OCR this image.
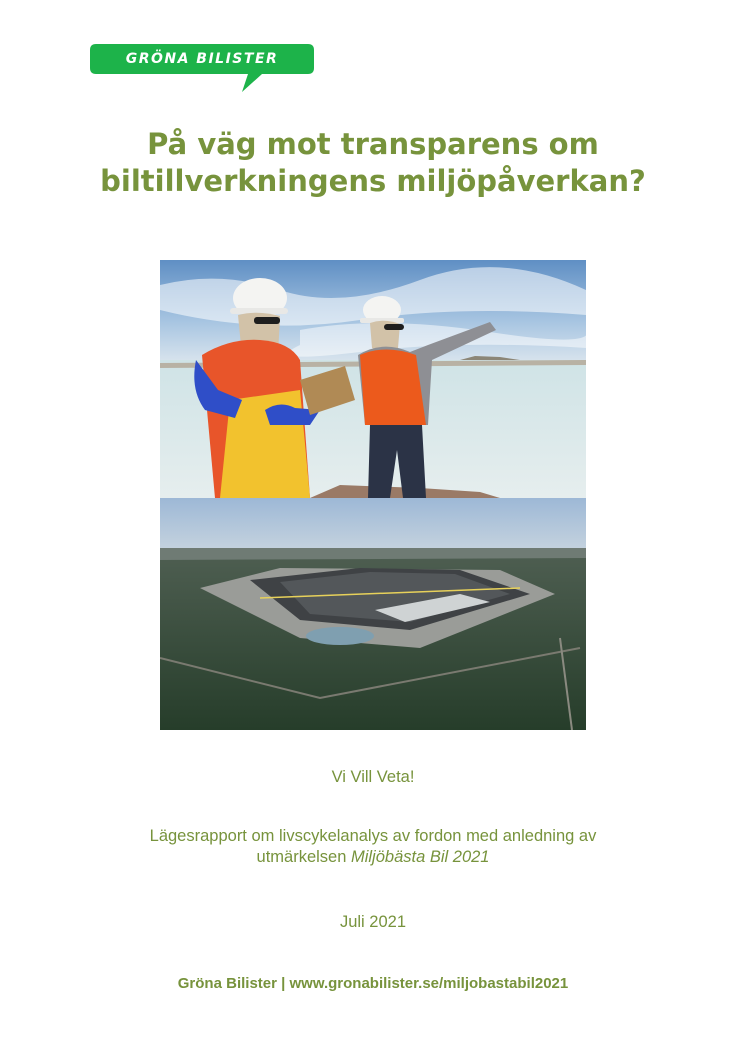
GRÖNA BILISTER
På väg mot transparens om
biltillverkningens miljöpåverkan?
Vi Vill Veta!
Lägesrapport om livscykelanalys av fordon med anledning av
utmärkelsen Miljöbästa Bil 2021
Juli 2021
Gröna Bilister | www.gronabilister.se/miljobastabil2021
